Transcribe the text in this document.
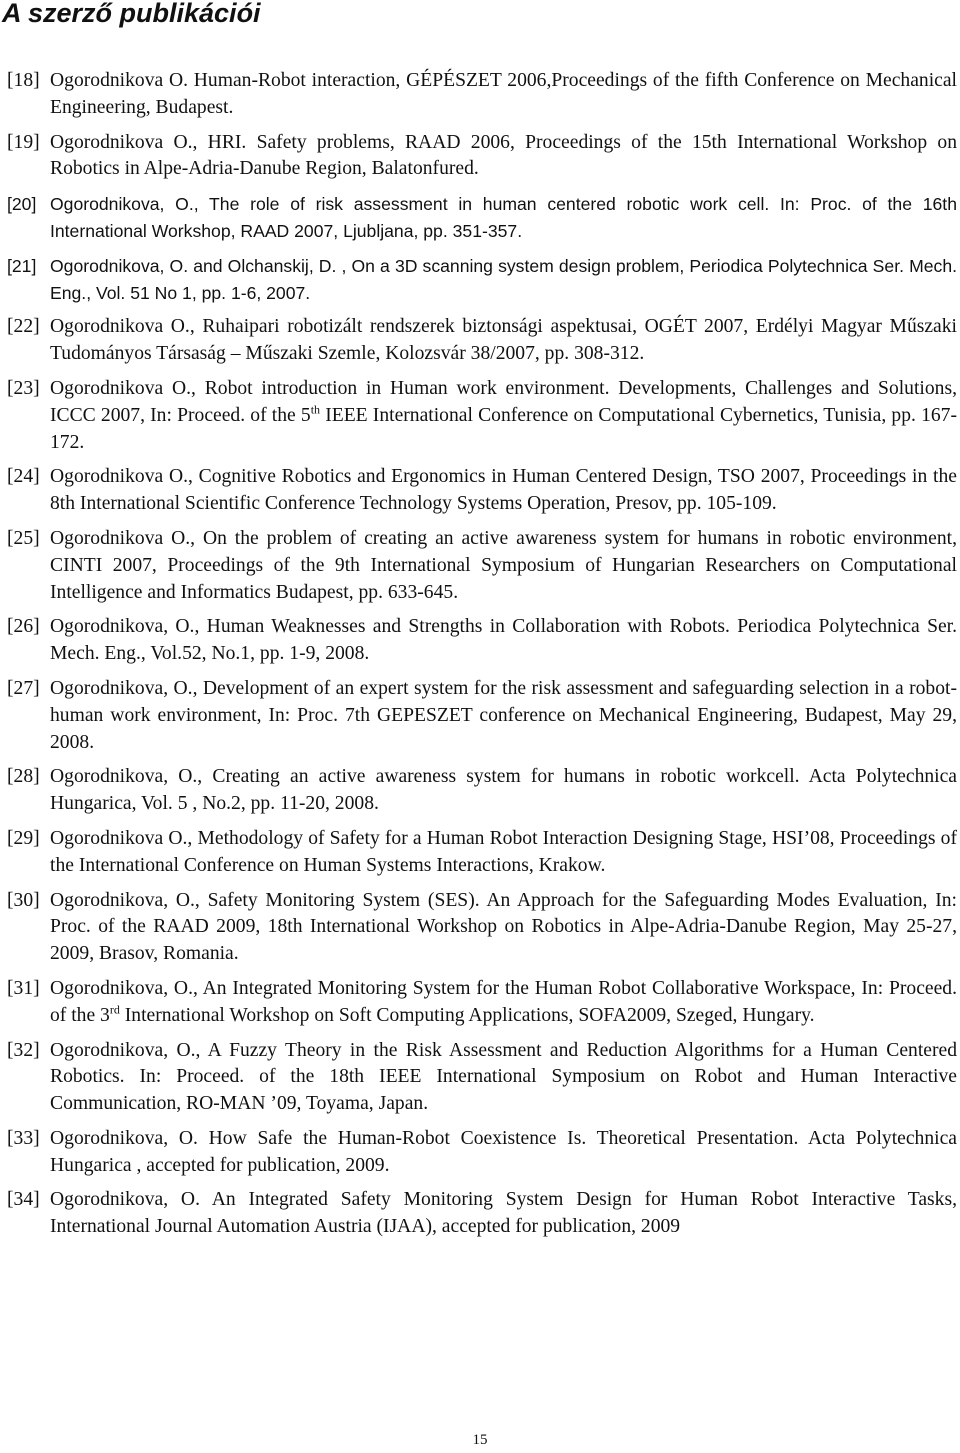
A szerző publikációi
[18] Ogorodnikova O. Human-Robot interaction, GÉPÉSZET 2006,Proceedings of the fifth Conference on Mechanical Engineering, Budapest.
[19] Ogorodnikova O., HRI. Safety problems, RAAD 2006, Proceedings of the 15th International Workshop on Robotics in Alpe-Adria-Danube Region, Balatonfured.
[20] Ogorodnikova, O., The role of risk assessment in human centered robotic work cell. In: Proc. of the 16th International Workshop, RAAD 2007, Ljubljana, pp. 351-357.
[21] Ogorodnikova, O. and Olchanskij, D. , On a 3D scanning system design problem, Periodica Polytechnica Ser. Mech. Eng., Vol. 51 No 1, pp. 1-6, 2007.
[22] Ogorodnikova O., Ruhaipari robotizált rendszerek biztonsági aspektusai, OGÉT 2007, Erdélyi Magyar Műszaki Tudományos Társaság – Műszaki Szemle, Kolozsvár 38/2007, pp. 308-312.
[23] Ogorodnikova O., Robot introduction in Human work environment. Developments, Challenges and Solutions, ICCC 2007, In: Proceed. of the 5th IEEE International Conference on Computational Cybernetics, Tunisia, pp. 167-172.
[24] Ogorodnikova O., Cognitive Robotics and Ergonomics in Human Centered Design, TSO 2007, Proceedings in the 8th International Scientific Conference Technology Systems Operation, Presov, pp. 105-109.
[25] Ogorodnikova O., On the problem of creating an active awareness system for humans in robotic environment, CINTI 2007, Proceedings of the 9th International Symposium of Hungarian Researchers on Computational Intelligence and Informatics Budapest, pp. 633-645.
[26] Ogorodnikova, O., Human Weaknesses and Strengths in Collaboration with Robots. Periodica Polytechnica Ser. Mech. Eng., Vol.52, No.1, pp. 1-9, 2008.
[27] Ogorodnikova, O., Development of an expert system for the risk assessment and safeguarding selection in a robot-human work environment, In: Proc. 7th GEPESZET conference on Mechanical Engineering, Budapest, May 29, 2008.
[28] Ogorodnikova, O., Creating an active awareness system for humans in robotic workcell. Acta Polytechnica Hungarica, Vol. 5 , No.2, pp. 11-20, 2008.
[29] Ogorodnikova O., Methodology of Safety for a Human Robot Interaction Designing Stage, HSI’08, Proceedings of the International Conference on Human Systems Interactions, Krakow.
[30] Ogorodnikova, O., Safety Monitoring System (SES). An Approach for the Safeguarding Modes Evaluation, In: Proc. of the RAAD 2009, 18th International Workshop on Robotics in Alpe-Adria-Danube Region, May 25-27, 2009, Brasov, Romania.
[31] Ogorodnikova, O., An Integrated Monitoring System for the Human Robot Collaborative Workspace, In: Proceed. of the 3rd International Workshop on Soft Computing Applications, SOFA2009, Szeged, Hungary.
[32] Ogorodnikova, O., A Fuzzy Theory in the Risk Assessment and Reduction Algorithms for a Human Centered Robotics. In: Proceed. of the 18th IEEE International Symposium on Robot and Human Interactive Communication, RO-MAN ’09, Toyama, Japan.
[33] Ogorodnikova, O. How Safe the Human-Robot Coexistence Is. Theoretical Presentation. Acta Polytechnica Hungarica , accepted for publication, 2009.
[34] Ogorodnikova, O. An Integrated Safety Monitoring System Design for Human Robot Interactive Tasks, International Journal Automation Austria (IJAA), accepted for publication, 2009
15
